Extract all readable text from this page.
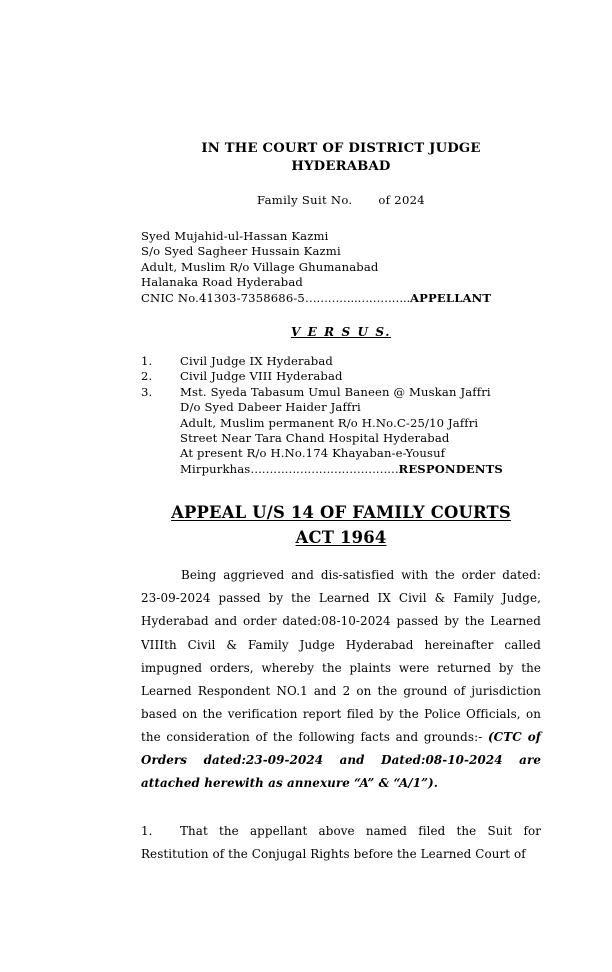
IN THE COURT OF DISTRICT JUDGE
HYDERABAD
Family Suit No. of 2024
Syed Mujahid-ul-Hassan Kazmi
S/o Syed Sagheer Hussain Kazmi
Adult, Muslim R/o Village Ghumanabad
Halanaka Road Hyderabad
CNIC No.41303-7358686-5…………..…………..APPELLANT
V E R S U S.
1.	Civil Judge IX Hyderabad
2.	Civil Judge VIII Hyderabad
3.	Mst. Syeda Tabasum Umul Baneen @ Muskan Jaffri
D/o Syed Dabeer Haider Jaffri
Adult, Muslim permanent R/o H.No.C-25/10 Jaffri
Street Near Tara Chand Hospital Hyderabad
At present R/o H.No.174 Khayaban-e-Yousuf
Mirpurkhas…………………………………RESPONDENTS
APPEAL U/S 14 OF FAMILY COURTS
ACT 1964
Being aggrieved and dis-satisfied with the order dated: 23-09-2024 passed by the Learned IX Civil & Family Judge, Hyderabad and order dated:08-10-2024 passed by the Learned VIIIth Civil & Family Judge Hyderabad hereinafter called impugned orders, whereby the plaints were returned by the Learned Respondent NO.1 and 2 on the ground of jurisdiction based on the verification report filed by the Police Officials, on the consideration of the following facts and grounds:- (CTC of Orders dated:23-09-2024 and Dated:08-10-2024 are attached herewith as annexure “A” & “A/1”).
1. That the appellant above named filed the Suit for Restitution of the Conjugal Rights before the Learned Court of
